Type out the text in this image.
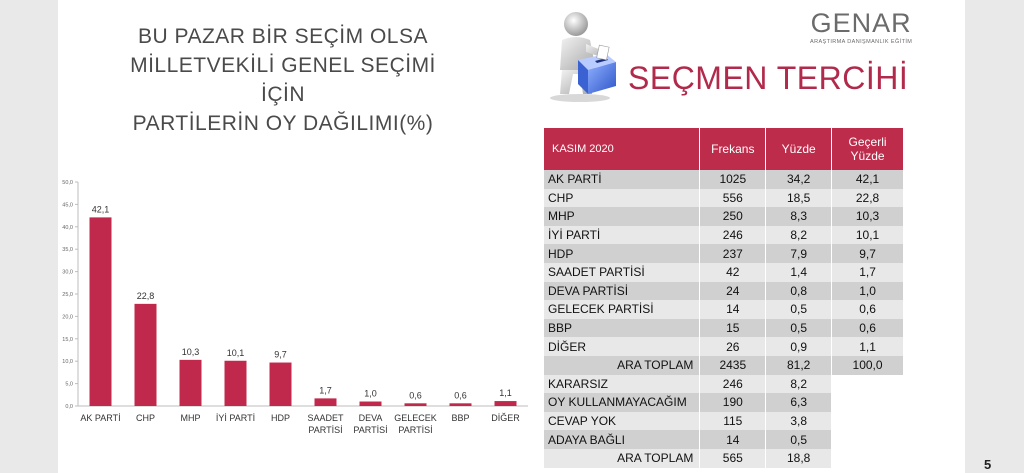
BU PAZAR BİR SEÇİM OLSA
MİLLETVEKİLİ GENEL SEÇİMİ İÇİN
PARTİLERİN OY DAĞILIMI(%)
0,0
5,0
10,0
15,0
20,0
25,0
30,0
35,0
40,0
45,0
50,0
42,1
AK PARTİ
22,8
CHP
10,3
MHP
10,1
İYİ PARTİ
9,7
HDP
1,7
SAADET
PARTİSİ
1,0
DEVA
PARTİSİ
0,6
GELECEK
PARTİSİ
0,6
BBP
1,1
DİĞER
GENAR
ARAŞTIRMA DANIŞMANLIK EĞİTİM
SEÇMEN TERCİHİ
KASIM 2020	Frekans	Yüzde	Geçerli Yüzde
AK PARTİ	1025	34,2	42,1
CHP	556	18,5	22,8
MHP	250	8,3	10,3
İYİ PARTİ	246	8,2	10,1
HDP	237	7,9	9,7
SAADET PARTİSİ	42	1,4	1,7
DEVA PARTİSİ	24	0,8	1,0
GELECEK PARTİSİ	14	0,5	0,6
BBP	15	0,5	0,6
DİĞER	26	0,9	1,1
ARA TOPLAM	2435	81,2	100,0
KARARSIZ	246	8,2	
OY KULLANMAYACAĞIM	190	6,3	
CEVAP YOK	115	3,8	
ADAYA BAĞLI	14	0,5	
ARA TOPLAM	565	18,8		5
